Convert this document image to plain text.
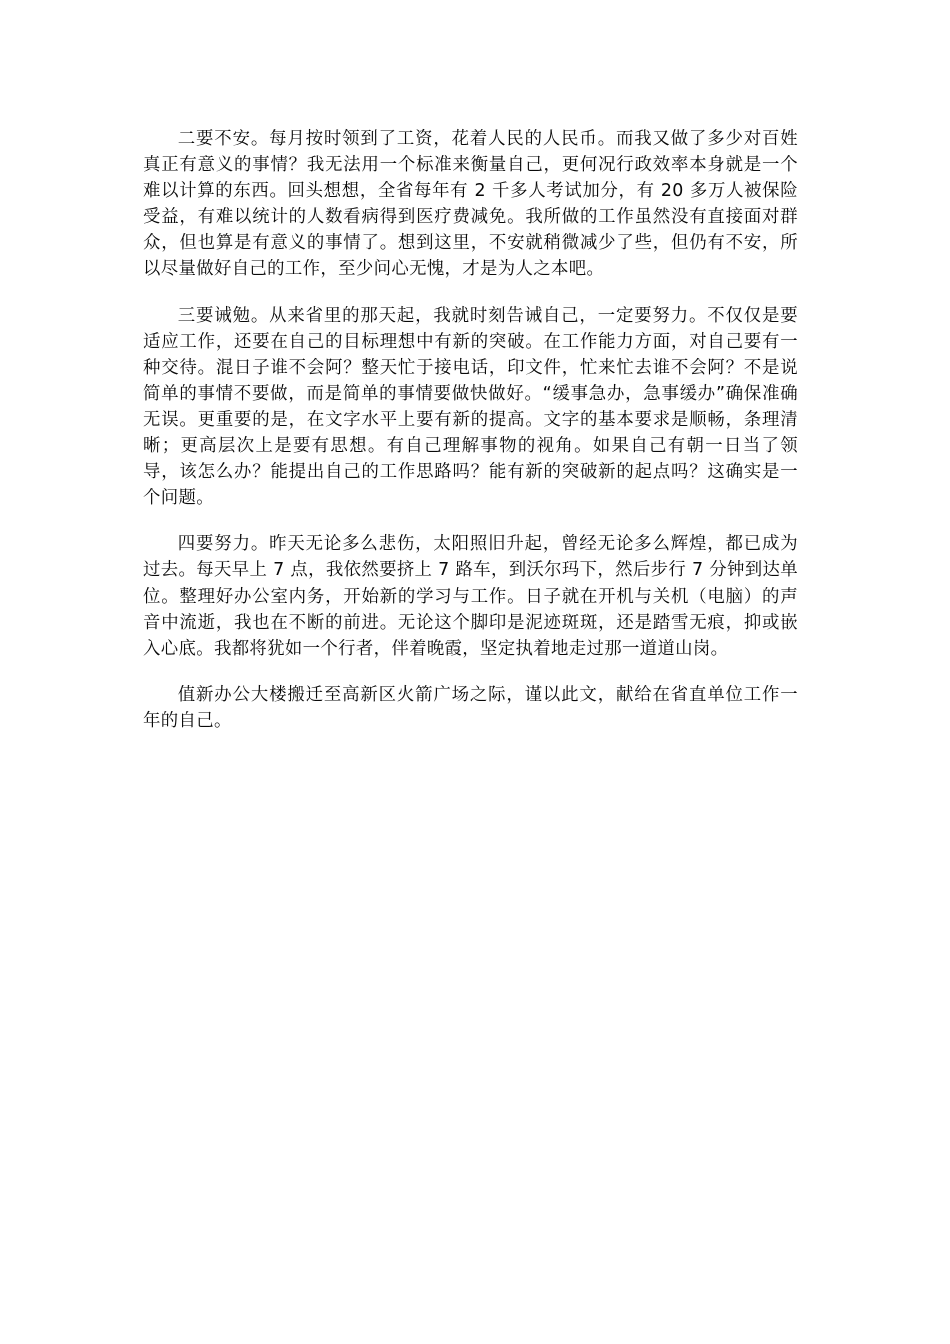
二要不安。每月按时领到了工资，花着人民的人民币。而我又做了多少对百姓真正有意义的事情？我无法用一个标准来衡量自己，更何况行政效率本身就是一个难以计算的东西。回头想想，全省每年有 2 千多人考试加分，有 20 多万人被保险受益，有难以统计的人数看病得到医疗费减免。我所做的工作虽然没有直接面对群众，但也算是有意义的事情了。想到这里，不安就稍微减少了些，但仍有不安，所以尽量做好自己的工作，至少问心无愧，才是为人之本吧。

三要诫勉。从来省里的那天起，我就时刻告诫自己，一定要努力。不仅仅是要适应工作，还要在自己的目标理想中有新的突破。在工作能力方面，对自己要有一种交待。混日子谁不会阿？整天忙于接电话，印文件，忙来忙去谁不会阿？不是说简单的事情不要做，而是简单的事情要做快做好。“缓事急办，急事缓办”确保准确无误。更重要的是，在文字水平上要有新的提高。文字的基本要求是顺畅，条理清晰；更高层次上是要有思想。有自己理解事物的视角。如果自己有朝一日当了领导，该怎么办？能提出自己的工作思路吗？能有新的突破新的起点吗？这确实是一个问题。

四要努力。昨天无论多么悲伤，太阳照旧升起，曾经无论多么辉煌，都已成为过去。每天早上 7 点，我依然要挤上 7 路车，到沃尔玛下，然后步行 7 分钟到达单位。整理好办公室内务，开始新的学习与工作。日子就在开机与关机（电脑）的声音中流逝，我也在不断的前进。无论这个脚印是泥迹斑斑，还是踏雪无痕，抑或嵌入心底。我都将犹如一个行者，伴着晚霞，坚定执着地走过那一道道山岗。

值新办公大楼搬迁至高新区火箭广场之际，谨以此文，献给在省直单位工作一年的自己。
